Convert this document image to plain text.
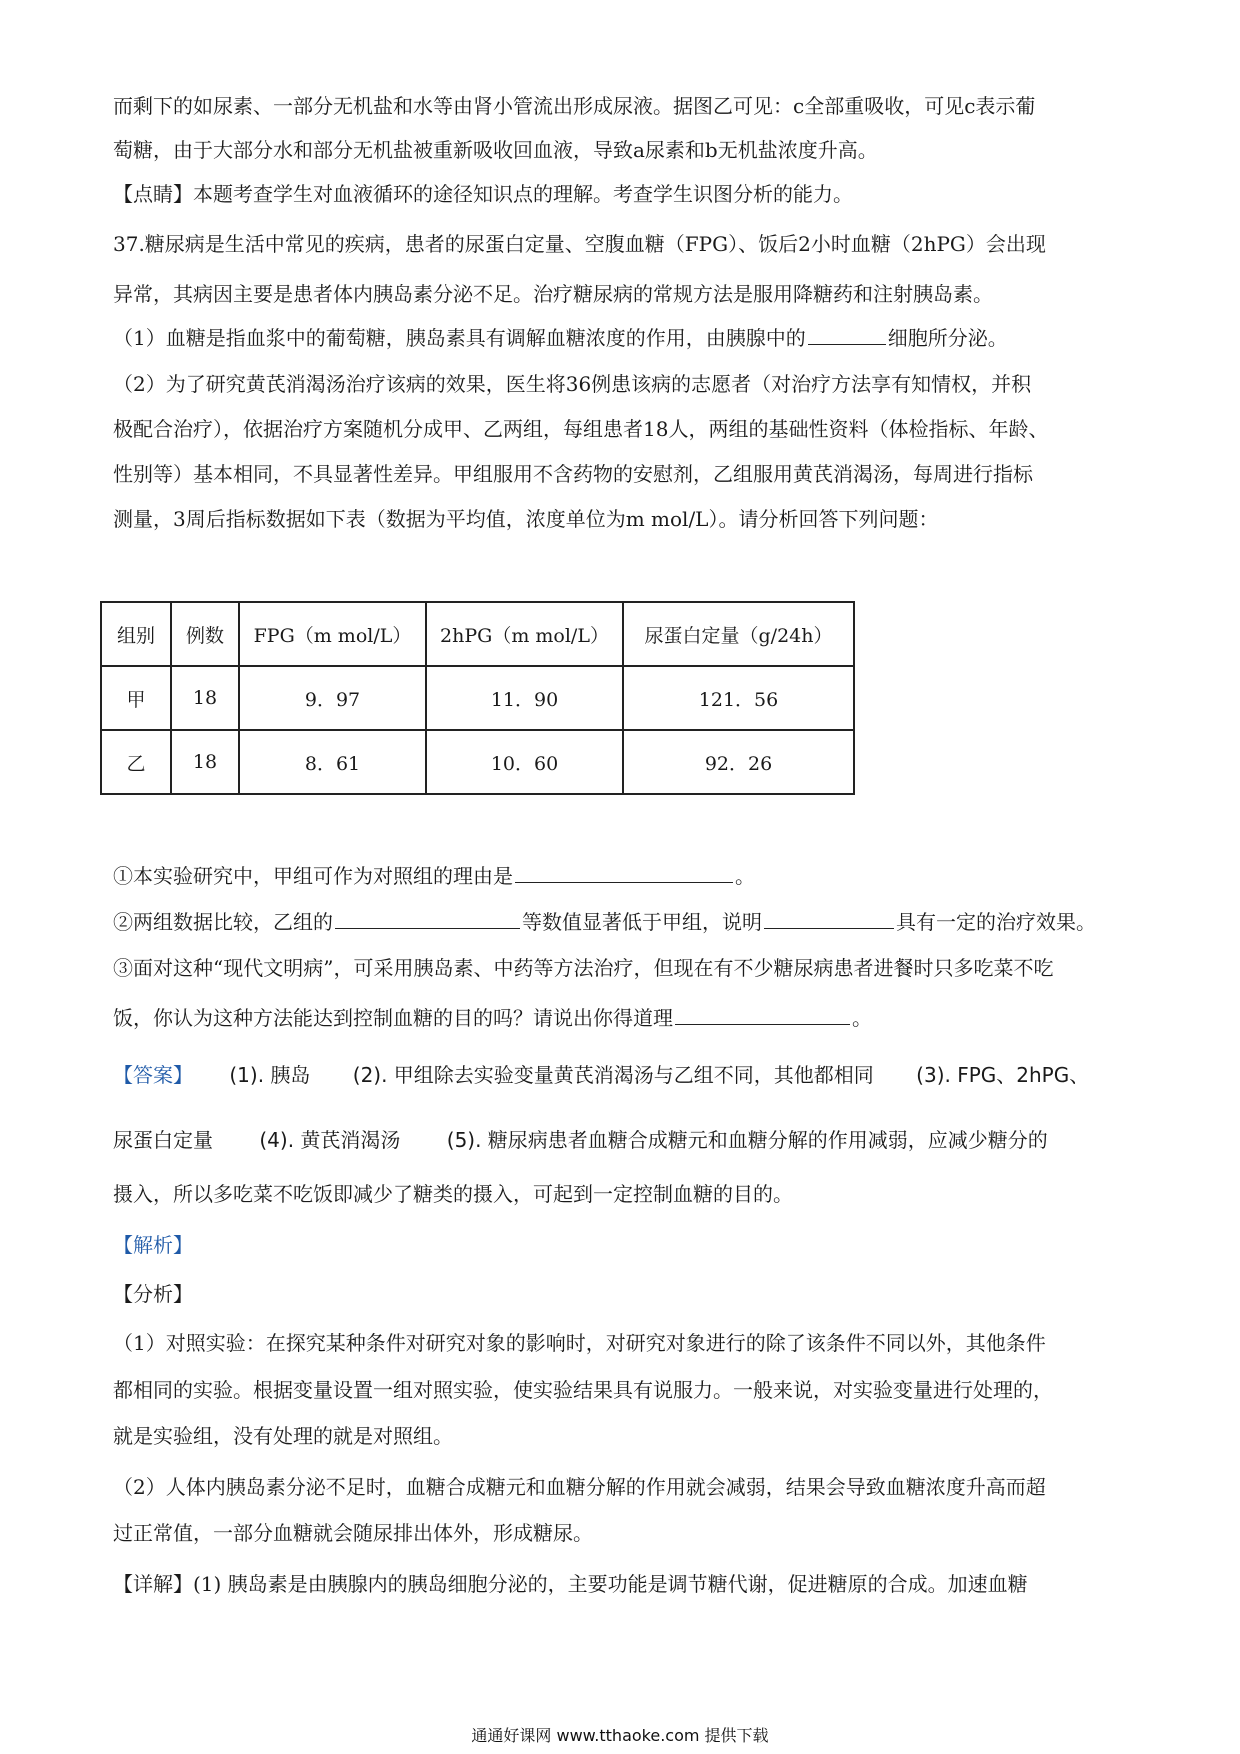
而剩下的如尿素、一部分无机盐和水等由肾小管流出形成尿液。据图乙可见：c全部重吸收，可见c表示葡
萄糖，由于大部分水和部分无机盐被重新吸收回血液，导致a尿素和b无机盐浓度升高。
【点睛】本题考查学生对血液循环的途径知识点的理解。考查学生识图分析的能力。
37.糖尿病是生活中常见的疾病，患者的尿蛋白定量、空腹血糖（FPG）、饭后2小时血糖（2hPG）会出现
异常，其病因主要是患者体内胰岛素分泌不足。治疗糖尿病的常规方法是服用降糖药和注射胰岛素。
（1）血糖是指血浆中的葡萄糖，胰岛素具有调解血糖浓度的作用，由胰腺中的	细胞所分泌。
（2）为了研究黄芪消渴汤治疗该病的效果，医生将36例患该病的志愿者（对治疗方法享有知情权，并积
极配合治疗），依据治疗方案随机分成甲、乙两组，每组患者18人，两组的基础性资料（体检指标、年龄、
性别等）基本相同，不具显著性差异。甲组服用不含药物的安慰剂，乙组服用黄芪消渴汤，每周进行指标
测量，3周后指标数据如下表（数据为平均值，浓度单位为m mol/L）。请分析回答下列问题：
组别	例数	FPG（m mol/L）	2hPG（m mol/L）	尿蛋白定量（g/24h）
甲	18	9．97	11．90	121．56
乙	18	8．61	10．60	92．26
①本实验研究中，甲组可作为对照组的理由是	。
②两组数据比较，乙组的	等数值显著低于甲组，说明	具有一定的治疗效果。
③面对这种“现代文明病”，可采用胰岛素、中药等方法治疗，但现在有不少糖尿病患者进餐时只多吃菜不吃
饭，你认为这种方法能达到控制血糖的目的吗？请说出你得道理	。
【答案】 (1). 胰岛 (2). 甲组除去实验变量黄芪消渴汤与乙组不同，其他都相同 (3). FPG、2hPG、
尿蛋白定量 (4). 黄芪消渴汤 (5). 糖尿病患者血糖合成糖元和血糖分解的作用减弱，应减少糖分的
摄入，所以多吃菜不吃饭即减少了糖类的摄入，可起到一定控制血糖的目的。
【解析】
【分析】
（1）对照实验：在探究某种条件对研究对象的影响时，对研究对象进行的除了该条件不同以外，其他条件
都相同的实验。根据变量设置一组对照实验，使实验结果具有说服力。一般来说，对实验变量进行处理的，
就是实验组，没有处理的就是对照组。
（2）人体内胰岛素分泌不足时，血糖合成糖元和血糖分解的作用就会减弱，结果会导致血糖浓度升高而超
过正常值，一部分血糖就会随尿排出体外，形成糖尿。
【详解】(1) 胰岛素是由胰腺内的胰岛细胞分泌的，主要功能是调节糖代谢，促进糖原的合成。加速血糖
通通好课网 www.tthaoke.com 提供下载
